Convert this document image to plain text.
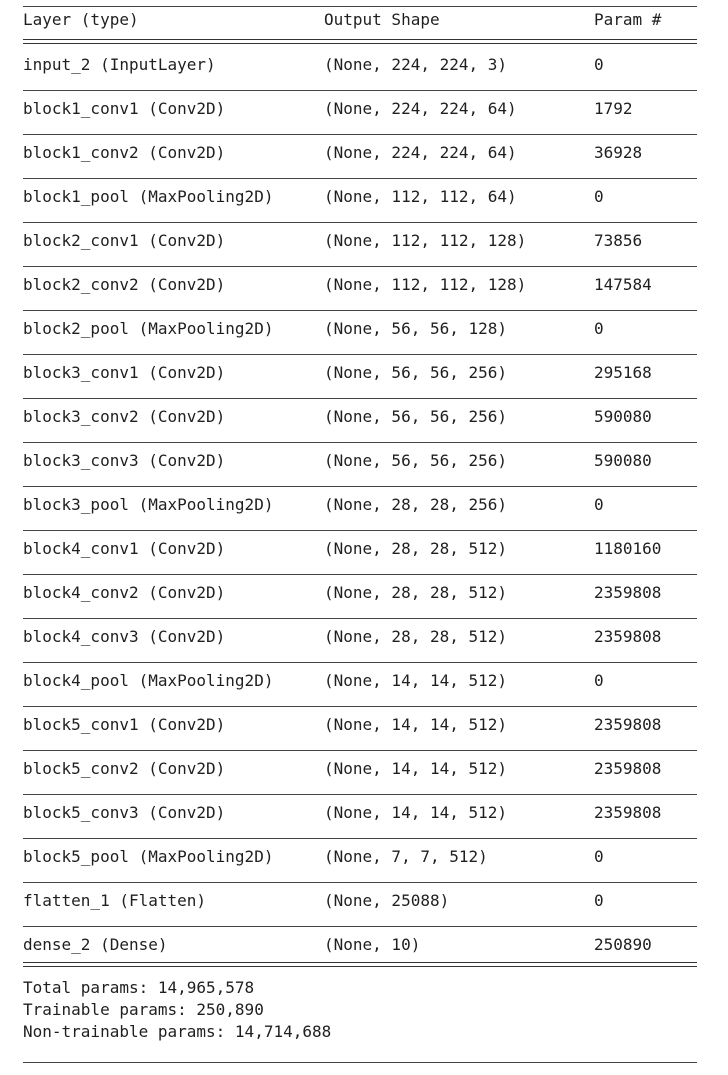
Layer (type)	Output Shape	Param #
input_2 (InputLayer)	(None, 224, 224, 3)	0
block1_conv1 (Conv2D)	(None, 224, 224, 64)	1792
block1_conv2 (Conv2D)	(None, 224, 224, 64)	36928
block1_pool (MaxPooling2D)	(None, 112, 112, 64)	0
block2_conv1 (Conv2D)	(None, 112, 112, 128)	73856
block2_conv2 (Conv2D)	(None, 112, 112, 128)	147584
block2_pool (MaxPooling2D)	(None, 56, 56, 128)	0
block3_conv1 (Conv2D)	(None, 56, 56, 256)	295168
block3_conv2 (Conv2D)	(None, 56, 56, 256)	590080
block3_conv3 (Conv2D)	(None, 56, 56, 256)	590080
block3_pool (MaxPooling2D)	(None, 28, 28, 256)	0
block4_conv1 (Conv2D)	(None, 28, 28, 512)	1180160
block4_conv2 (Conv2D)	(None, 28, 28, 512)	2359808
block4_conv3 (Conv2D)	(None, 28, 28, 512)	2359808
block4_pool (MaxPooling2D)	(None, 14, 14, 512)	0
block5_conv1 (Conv2D)	(None, 14, 14, 512)	2359808
block5_conv2 (Conv2D)	(None, 14, 14, 512)	2359808
block5_conv3 (Conv2D)	(None, 14, 14, 512)	2359808
block5_pool (MaxPooling2D)	(None, 7, 7, 512)	0
flatten_1 (Flatten)	(None, 25088)	0
dense_2 (Dense)	(None, 10)	250890
Total params: 14,965,578
Trainable params: 250,890
Non-trainable params: 14,714,688
